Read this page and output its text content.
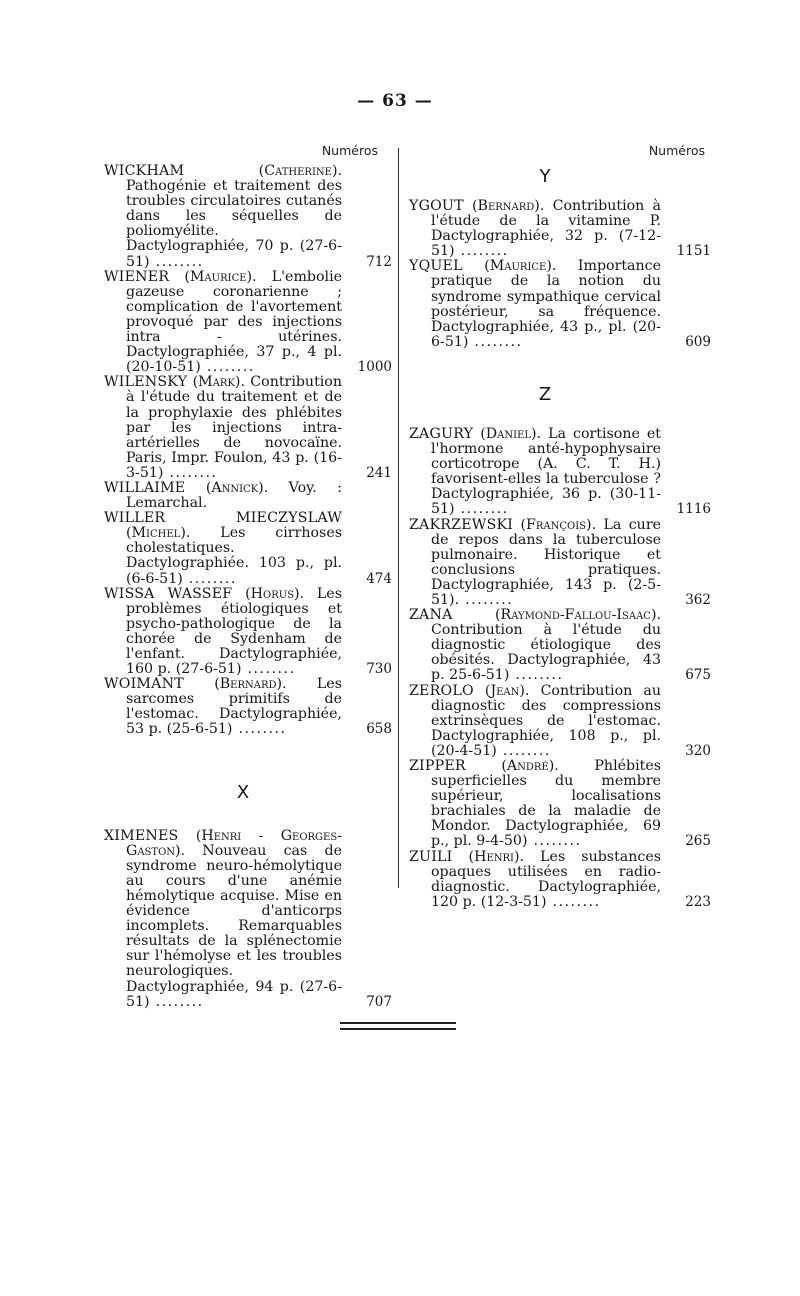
— 63 —
Numéros
WICKHAM	(Catherine). Pathogénie et traitement des troubles circulatoires cutanés dans les séquelles de poliomyélite. Dactylographiée, 70 p. (27-6-51) ........	712
WIENER (Maurice). L'embolie gazeuse coronarienne ; complication de l'avortement provoqué par des injections intra - utérines. Dactylographiée, 37 p., 4 pl. (20-10-51) ........	1000
WILENSKY (Mark). Contribution à l'étude du traitement et de la prophylaxie des phlébites par les injections intra-artérielles de novocaïne. Paris, Impr. Foulon, 43 p. (16-3-51) ........	241
WILLAIME (Annick). Voy. : Lemarchal.
WILLER MIECZYSLAW (Michel). Les cirrhoses cholestatiques. Dactylographiée. 103 p., pl. (6-6-51) ........	474
WISSA WASSEF (Horus). Les problèmes étiologiques et psycho-pathologique de la chorée de Sydenham de l'enfant. Dactylographiée, 160 p. (27-6-51) ........	730
WOIMANT (Bernard). Les sarcomes primitifs de l'estomac. Dactylographiée, 53 p. (25-6-51) ........	658
X
XIMENES (Henri - Georges-Gaston). Nouveau cas de syndrome neuro-hémolytique au cours d'une anémie hémolytique acquise. Mise en évidence d'anticorps incomplets. Remarquables résultats de la splénectomie sur l'hémolyse et les troubles neurologiques. Dactylographiée, 94 p. (27-6-51) ........	707
Numéros
Y
YGOUT (Bernard). Contribution à l'étude de la vitamine P. Dactylographiée, 32 p. (7-12-51) ........	1151
YQUEL (Maurice). Importance pratique de la notion du syndrome sympathique cervical postérieur, sa fréquence. Dactylographiée, 43 p., pl. (20-6-51) ........	609
Z
ZAGURY (Daniel). La cortisone et l'hormone anté-hypophysaire corticotrope (A. C. T. H.) favorisent-elles la tuberculose ? Dactylographiée, 36 p. (30-11-51) ........	1116
ZAKRZEWSKI (François). La cure de repos dans la tuberculose pulmonaire. Historique et conclusions pratiques. Dactylographiée, 143 p. (2-5-51). ........	362
ZANA	(Raymond-Fallou-Isaac). Contribution à l'étude du diagnostic étiologique des obésités. Dactylographiée, 43 p. 25-6-51) ........	675
ZEROLO (Jean). Contribution au diagnostic des compressions extrinsèques de l'estomac. Dactylographiée, 108 p., pl. (20-4-51) ........	320
ZIPPER	(André).	Phlébites superficielles du membre supérieur, localisations brachiales de la maladie de Mondor. Dactylographiée, 69 p., pl. 9-4-50) ........	265
ZUILI (Henri). Les substances opaques utilisées en radio-diagnostic. Dactylographiée, 120 p. (12-3-51) ........	223
